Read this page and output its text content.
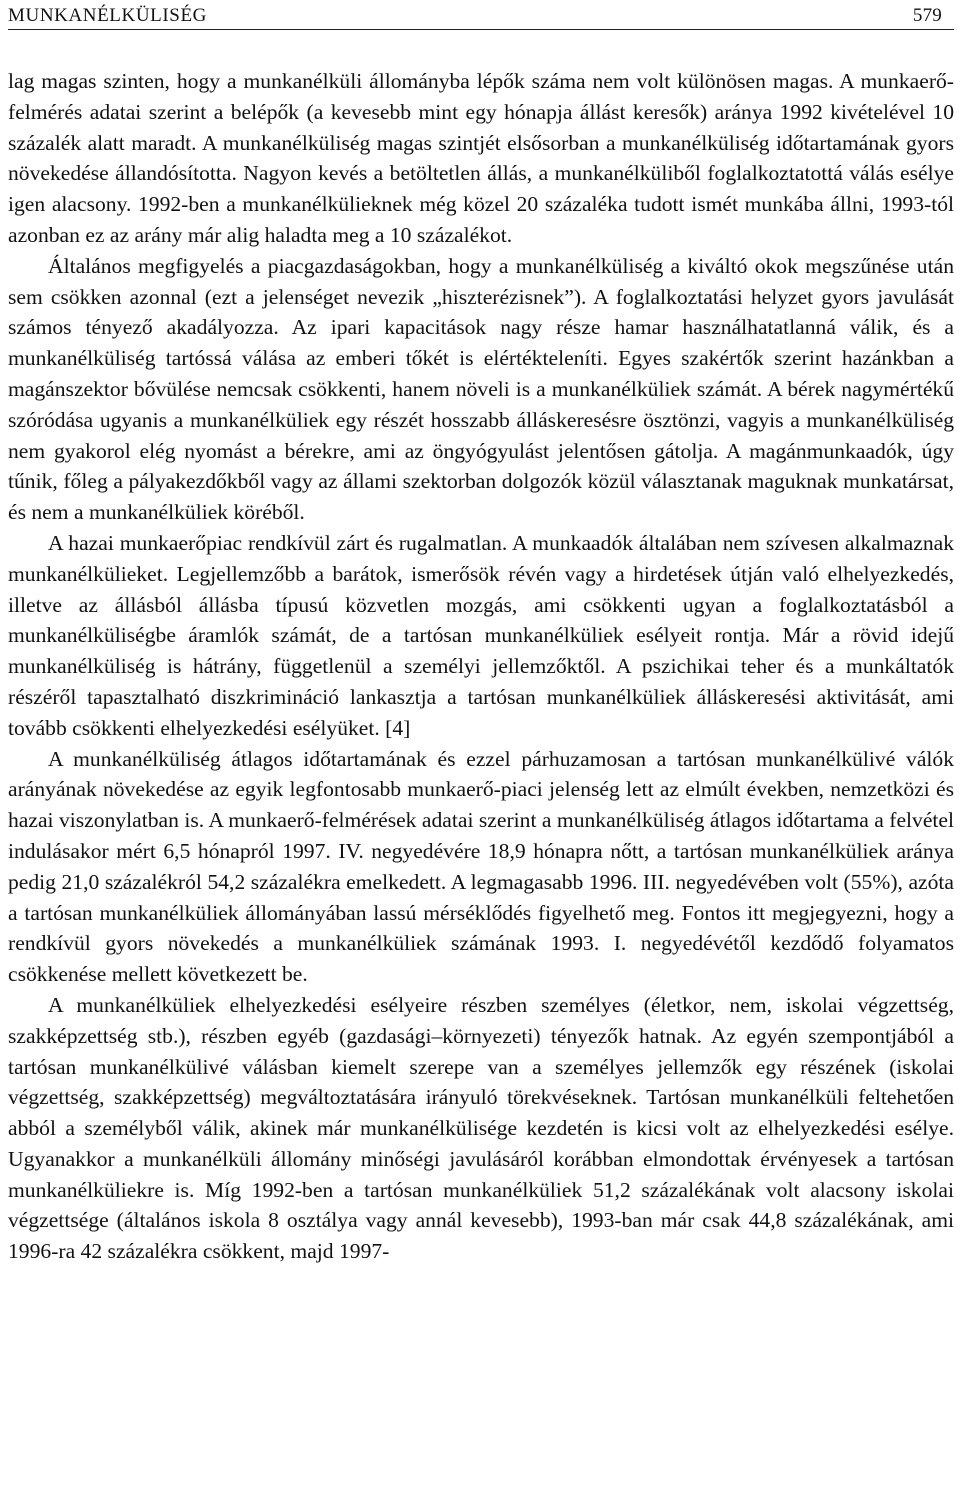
MUNKANÉLKÜLISÉG	579

lag magas szinten, hogy a munkanélküli állományba lépők száma nem volt különösen magas. A munkaerő-felmérés adatai szerint a belépők (a kevesebb mint egy hónapja állást keresők) aránya 1992 kivételével 10 százalék alatt maradt. A munkanélküliség magas szintjét elsősorban a munkanélküliség időtartamának gyors növekedése állandósította. Nagyon kevés a betöltetlen állás, a munkanélküliből foglalkoztatottá válás esélye igen alacsony. 1992-ben a munkanélkülieknek még közel 20 százaléka tudott ismét munkába állni, 1993-tól azonban ez az arány már alig haladta meg a 10 százalékot.

Általános megfigyelés a piacgazdaságokban, hogy a munkanélküliség a kiváltó okok megszűnése után sem csökken azonnal (ezt a jelenséget nevezik „hiszterézisnek”). A foglalkoztatási helyzet gyors javulását számos tényező akadályozza. Az ipari kapacitások nagy része hamar használhatatlanná válik, és a munkanélküliség tartóssá válása az emberi tőkét is elértékteleníti. Egyes szakértők szerint hazánkban a magánszektor bővülése nemcsak csökkenti, hanem növeli is a munkanélküliek számát. A bérek nagymértékű szóródása ugyanis a munkanélküliek egy részét hosszabb álláskeresésre ösztönzi, vagyis a munkanélküliség nem gyakorol elég nyomást a bérekre, ami az öngyógyulást jelentősen gátolja. A magánmunkaadók, úgy tűnik, főleg a pályakezdőkből vagy az állami szektorban dolgozók közül választanak maguknak munkatársat, és nem a munkanélküliek köréből.

A hazai munkaerőpiac rendkívül zárt és rugalmatlan. A munkaadók általában nem szívesen alkalmaznak munkanélkülieket. Legjellemzőbb a barátok, ismerősök révén vagy a hirdetések útján való elhelyezkedés, illetve az állásból állásba típusú közvetlen mozgás, ami csökkenti ugyan a foglalkoztatásból a munkanélküliségbe áramlók számát, de a tartósan munkanélküliek esélyeit rontja. Már a rövid idejű munkanélküliség is hátrány, függetlenül a személyi jellemzőktől. A pszichikai teher és a munkáltatók részéről tapasztalható diszkrimináció lankasztja a tartósan munkanélküliek álláskeresési aktivitását, ami tovább csökkenti elhelyezkedési esélyüket. [4]

A munkanélküliség átlagos időtartamának és ezzel párhuzamosan a tartósan munkanélkülivé válók arányának növekedése az egyik legfontosabb munkaerő-piaci jelenség lett az elmúlt években, nemzetközi és hazai viszonylatban is. A munkaerő-felmérések adatai szerint a munkanélküliség átlagos időtartama a felvétel indulásakor mért 6,5 hónapról 1997. IV. negyedévére 18,9 hónapra nőtt, a tartósan munkanélküliek aránya pedig 21,0 százalékról 54,2 százalékra emelkedett. A legmagasabb 1996. III. negyedévében volt (55%), azóta a tartósan munkanélküliek állományában lassú mérséklődés figyelhető meg. Fontos itt megjegyezni, hogy a rendkívül gyors növekedés a munkanélküliek számának 1993. I. negyedévétől kezdődő folyamatos csökkenése mellett következett be.

A munkanélküliek elhelyezkedési esélyeire részben személyes (életkor, nem, iskolai végzettség, szakképzettség stb.), részben egyéb (gazdasági–környezeti) tényezők hatnak. Az egyén szempontjából a tartósan munkanélkülivé válásban kiemelt szerepe van a személyes jellemzők egy részének (iskolai végzettség, szakképzettség) megváltoztatására irányuló törekvéseknek. Tartósan munkanélküli feltehetően abból a személyből válik, akinek már munkanélkülisége kezdetén is kicsi volt az elhelyezkedési esélye. Ugyanakkor a munkanélküli állomány minőségi javulásáról korábban elmondottak érvényesek a tartósan munkanélküliekre is. Míg 1992-ben a tartósan munkanélküliek 51,2 százalékának volt alacsony iskolai végzettsége (általános iskola 8 osztálya vagy annál kevesebb), 1993-ban már csak 44,8 százalékának, ami 1996-ra 42 százalékra csökkent, majd 1997-
